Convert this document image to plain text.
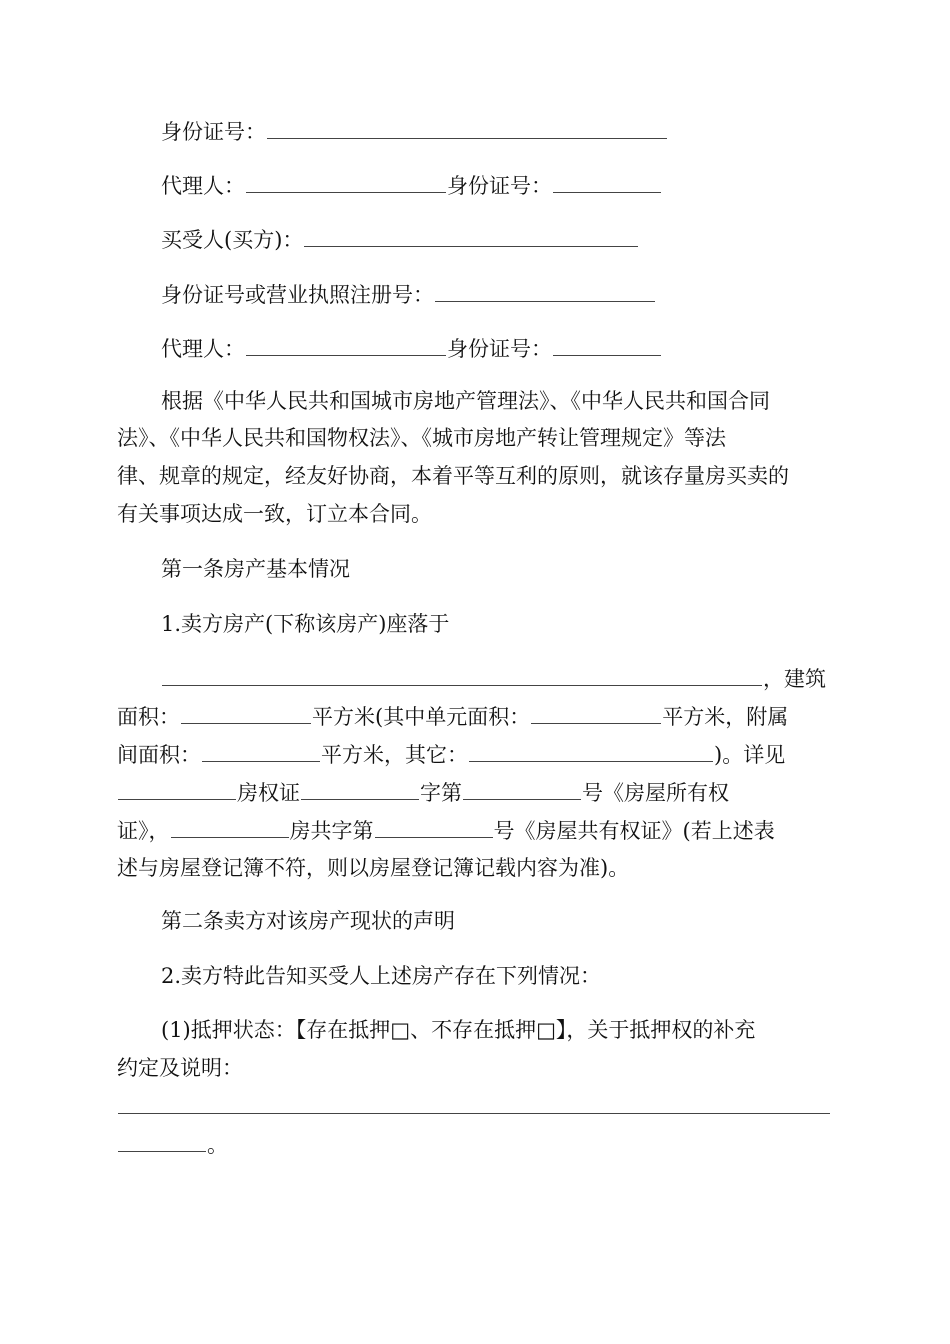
身份证号：
代理人：	身份证号：
买受人(买方)：
身份证号或营业执照注册号：
代理人：	身份证号：
根据《中华人民共和国城市房地产管理法》、《中华人民共和国合同
法》、《中华人民共和国物权法》、《城市房地产转让管理规定》等法
律、规章的规定，经友好协商，本着平等互利的原则，就该存量房买卖的
有关事项达成一致，订立本合同。
第一条房产基本情况
1.卖方房产(下称该房产)座落于
，建筑
面积：	平方米(其中单元面积：	平方米，附属
间面积：	平方米，其它：	)。详见
房权证	字第	号《房屋所有权
证》，	房共字第	号《房屋共有权证》(若上述表
述与房屋登记簿不符，则以房屋登记簿记载内容为准)。
第二条卖方对该房产现状的声明
2.卖方特此告知买受人上述房产存在下列情况：
(1)抵押状态：【存在抵押□、不存在抵押□】，关于抵押权的补充
约定及说明：
。
